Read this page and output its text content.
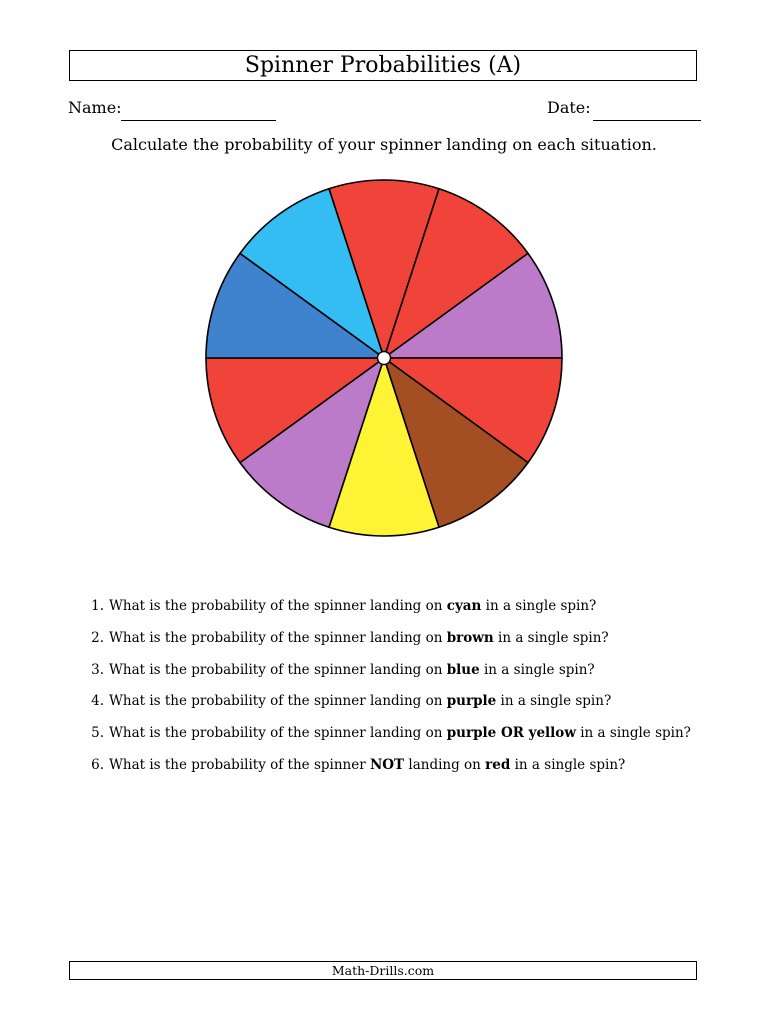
Spinner Probabilities (A)
Name:	Date:
Calculate the probability of your spinner landing on each situation.
1. What is the probability of the spinner landing on cyan in a single spin?
2. What is the probability of the spinner landing on brown in a single spin?
3. What is the probability of the spinner landing on blue in a single spin?
4. What is the probability of the spinner landing on purple in a single spin?
5. What is the probability of the spinner landing on purple OR yellow in a single spin?
6. What is the probability of the spinner NOT landing on red in a single spin?
Math-Drills.com
